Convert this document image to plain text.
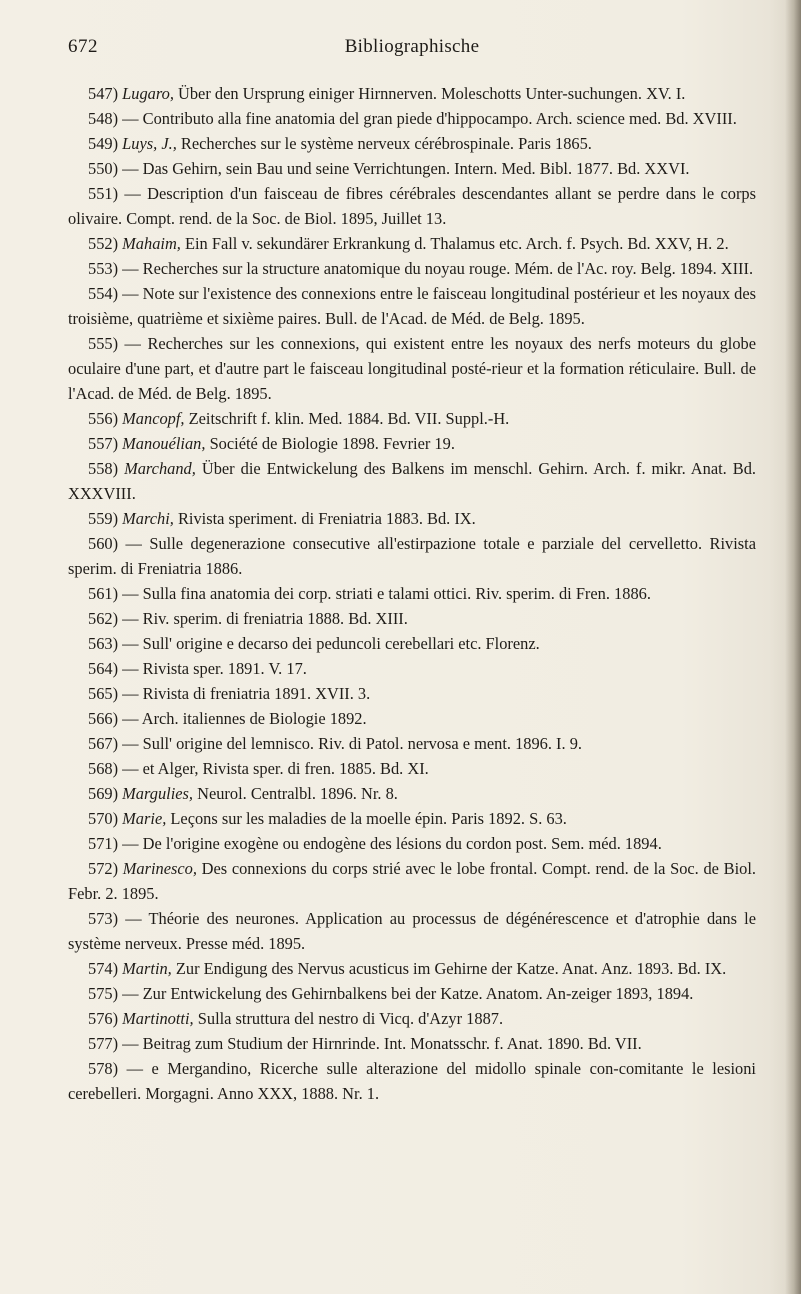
672	Bibliographische

547) Lugaro, Über den Ursprung einiger Hirnnerven. Moleschotts Unter-suchungen. XV. I.

548) — Contributo alla fine anatomia del gran piede d'hippocampo. Arch. science med. Bd. XVIII.

549) Luys, J., Recherches sur le système nerveux cérébrospinale. Paris 1865.

550) — Das Gehirn, sein Bau und seine Verrichtungen. Intern. Med. Bibl. 1877. Bd. XXVI.

551) — Description d'un faisceau de fibres cérébrales descendantes allant se perdre dans le corps olivaire. Compt. rend. de la Soc. de Biol. 1895, Juillet 13.

552) Mahaim, Ein Fall v. sekundärer Erkrankung d. Thalamus etc. Arch. f. Psych. Bd. XXV, H. 2.

553) — Recherches sur la structure anatomique du noyau rouge. Mém. de l'Ac. roy. Belg. 1894. XIII.

554) — Note sur l'existence des connexions entre le faisceau longitudinal postérieur et les noyaux des troisième, quatrième et sixième paires. Bull. de l'Acad. de Méd. de Belg. 1895.

555) — Recherches sur les connexions, qui existent entre les noyaux des nerfs moteurs du globe oculaire d'une part, et d'autre part le faisceau longitudinal posté-rieur et la formation réticulaire. Bull. de l'Acad. de Méd. de Belg. 1895.

556) Mancopf, Zeitschrift f. klin. Med. 1884. Bd. VII. Suppl.-H.

557) Manouélian, Société de Biologie 1898. Fevrier 19.

558) Marchand, Über die Entwickelung des Balkens im menschl. Gehirn. Arch. f. mikr. Anat. Bd. XXXVIII.

559) Marchi, Rivista speriment. di Freniatria 1883. Bd. IX.

560) — Sulle degenerazione consecutive all'estirpazione totale e parziale del cervelletto. Rivista sperim. di Freniatria 1886.

561) — Sulla fina anatomia dei corp. striati e talami ottici. Riv. sperim. di Fren. 1886.

562) — Riv. sperim. di freniatria 1888. Bd. XIII.

563) — Sull' origine e decarso dei peduncoli cerebellari etc. Florenz.

564) — Rivista sper. 1891. V. 17.

565) — Rivista di freniatria 1891. XVII. 3.

566) — Arch. italiennes de Biologie 1892.

567) — Sull' origine del lemnisco. Riv. di Patol. nervosa e ment. 1896. I. 9.

568) — et Alger, Rivista sper. di fren. 1885. Bd. XI.

569) Margulies, Neurol. Centralbl. 1896. Nr. 8.

570) Marie, Leçons sur les maladies de la moelle épin. Paris 1892. S. 63.

571) — De l'origine exogène ou endogène des lésions du cordon post. Sem. méd. 1894.

572) Marinesco, Des connexions du corps strié avec le lobe frontal. Compt. rend. de la Soc. de Biol. Febr. 2. 1895.

573) — Théorie des neurones. Application au processus de dégénérescence et d'atrophie dans le système nerveux. Presse méd. 1895.

574) Martin, Zur Endigung des Nervus acusticus im Gehirne der Katze. Anat. Anz. 1893. Bd. IX.

575) — Zur Entwickelung des Gehirnbalkens bei der Katze. Anatom. An-zeiger 1893, 1894.

576) Martinotti, Sulla struttura del nestro di Vicq. d'Azyr 1887.

577) — Beitrag zum Studium der Hirnrinde. Int. Monatsschr. f. Anat. 1890. Bd. VII.

578) — e Mergandino, Ricerche sulle alterazione del midollo spinale con-comitante le lesioni cerebelleri. Morgagni. Anno XXX, 1888. Nr. 1.
